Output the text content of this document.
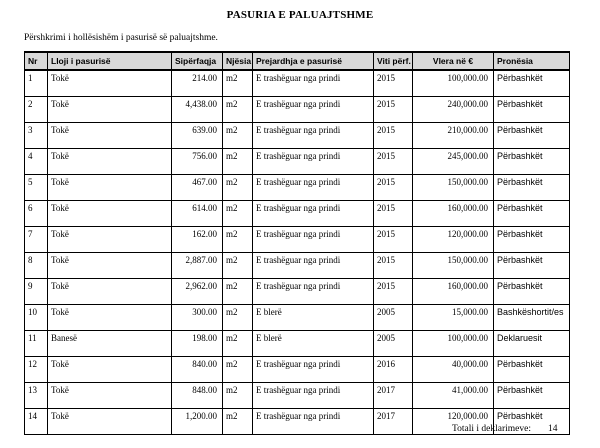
PASURIA E PALUAJTSHME
Përshkrimi i hollësishëm i pasurisë së paluajtshme.
Nr	Lloji i pasurisë	Sipërfaqja	Njësia	Prejardhja e pasurisë	Viti përf.	Vlera në €	Pronësia
1	Tokë	214.00	m2	E trashëguar nga prindi	2015	100,000.00	Përbashkët
2	Tokë	4,438.00	m2	E trashëguar nga prindi	2015	240,000.00	Përbashkët
3	Tokë	639.00	m2	E trashëguar nga prindi	2015	210,000.00	Përbashkët
4	Tokë	756.00	m2	E trashëguar nga prindi	2015	245,000.00	Përbashkët
5	Tokë	467.00	m2	E trashëguar nga prindi	2015	150,000.00	Përbashkët
6	Tokë	614.00	m2	E trashëguar nga prindi	2015	160,000.00	Përbashkët
7	Tokë	162.00	m2	E trashëguar nga prindi	2015	120,000.00	Përbashkët
8	Tokë	2,887.00	m2	E trashëguar nga prindi	2015	150,000.00	Përbashkët
9	Tokë	2,962.00	m2	E trashëguar nga prindi	2015	160,000.00	Përbashkët
10	Tokë	300.00	m2	E blerë	2005	15,000.00	Bashkëshortit/es
11	Banesë	198.00	m2	E blerë	2005	100,000.00	Deklaruesit
12	Tokë	840.00	m2	E trashëguar nga prindi	2016	40,000.00	Përbashkët
13	Tokë	848.00	m2	E trashëguar nga prindi	2017	41,000.00	Përbashkët
14	Tokë	1,200.00	m2	E trashëguar nga prindi	2017	120,000.00	Përbashkët
Totali i deklarimeve: 14
